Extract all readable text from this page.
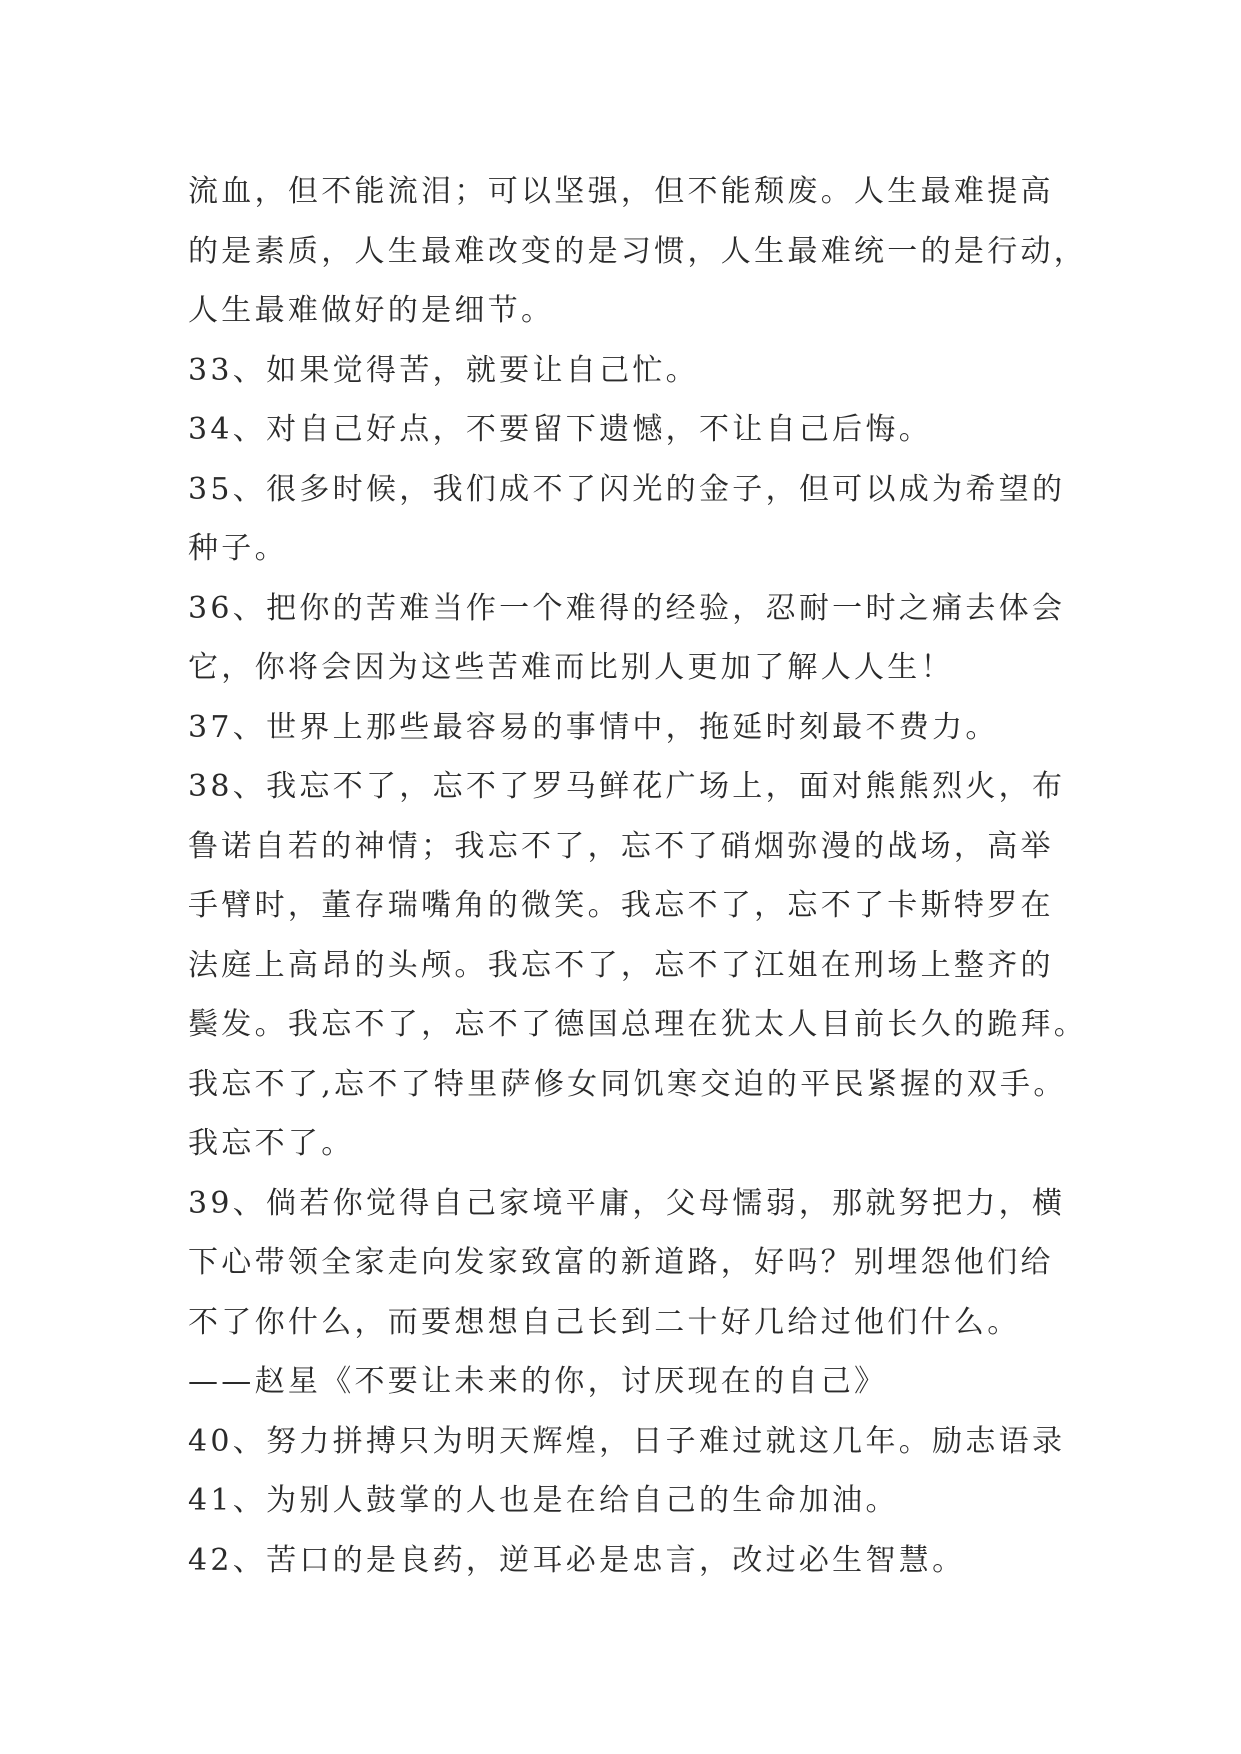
流血，但不能流泪；可以坚强，但不能颓废。人生最难提高
的是素质，人生最难改变的是习惯，人生最难统一的是行动，
人生最难做好的是细节。
33、如果觉得苦，就要让自己忙。
34、对自己好点，不要留下遗憾，不让自己后悔。
35、很多时候，我们成不了闪光的金子，但可以成为希望的
种子。
36、把你的苦难当作一个难得的经验，忍耐一时之痛去体会
它，你将会因为这些苦难而比别人更加了解人人生！
37、世界上那些最容易的事情中，拖延时刻最不费力。
38、我忘不了，忘不了罗马鲜花广场上，面对熊熊烈火，布
鲁诺自若的神情；我忘不了，忘不了硝烟弥漫的战场，高举
手臂时，董存瑞嘴角的微笑。我忘不了，忘不了卡斯特罗在
法庭上高昂的头颅。我忘不了，忘不了江姐在刑场上整齐的
鬓发。我忘不了，忘不了德国总理在犹太人目前长久的跪拜。
我忘不了,忘不了特里萨修女同饥寒交迫的平民紧握的双手。
我忘不了。
39、倘若你觉得自己家境平庸，父母懦弱，那就努把力，横
下心带领全家走向发家致富的新道路，好吗？别埋怨他们给
不了你什么，而要想想自己长到二十好几给过他们什么。
——赵星《不要让未来的你，讨厌现在的自己》
40、努力拼搏只为明天辉煌，日子难过就这几年。励志语录
41、为别人鼓掌的人也是在给自己的生命加油。
42、苦口的是良药，逆耳必是忠言，改过必生智慧。
